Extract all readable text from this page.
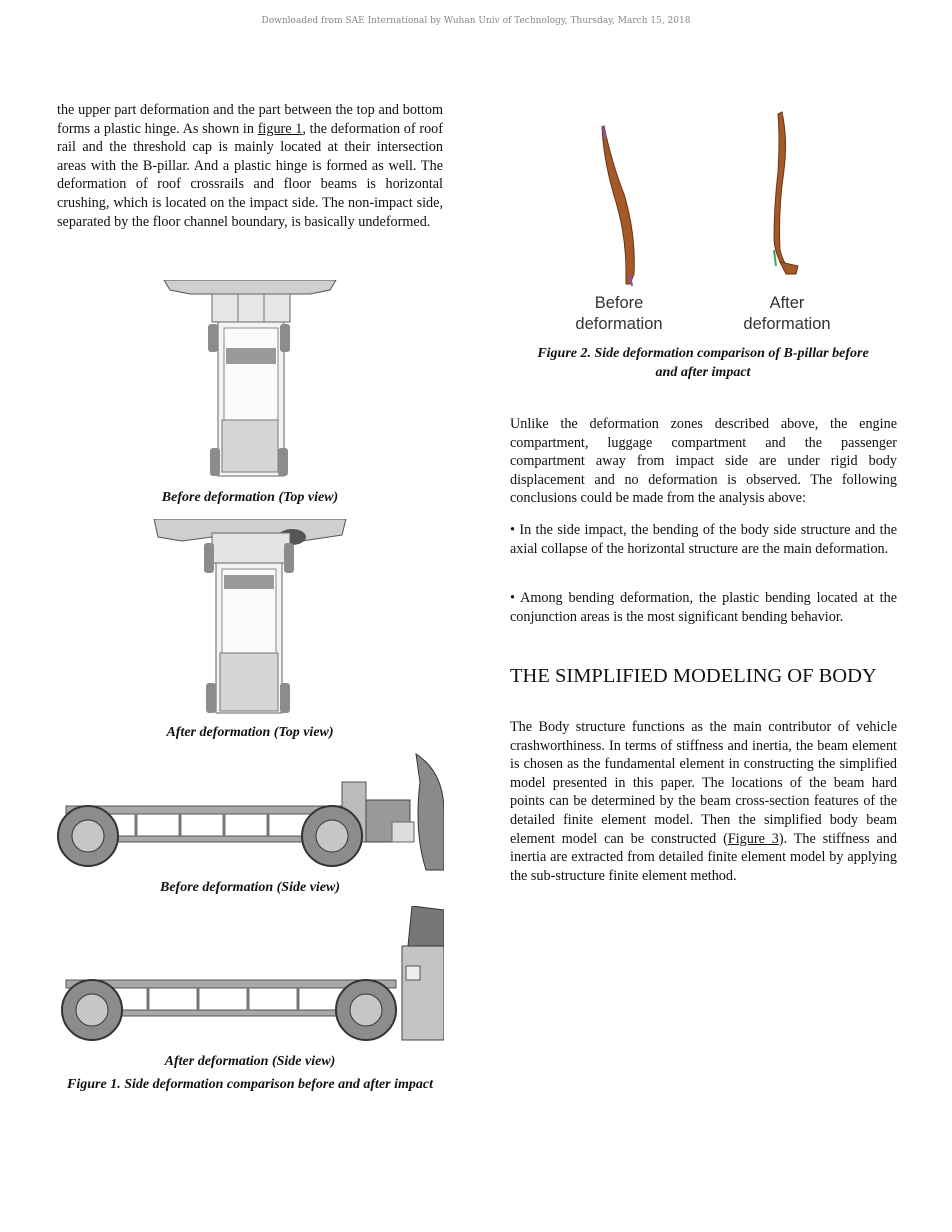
Downloaded from SAE International by Wuhan Univ of Technology, Thursday, March 15, 2018
the upper part deformation and the part between the top and bottom forms a plastic hinge. As shown in figure 1, the deformation of roof rail and the threshold cap is mainly located at their intersection areas with the B-pillar. And a plastic hinge is formed as well. The deformation of roof crossrails and floor beams is horizontal crushing, which is located on the impact side. The non-impact side, separated by the floor channel boundary, is basically undeformed.
Before deformation (Top view)
After deformation (Top view)
Before deformation (Side view)
After deformation (Side view)
Figure 1. Side deformation comparison before and after impact
Before deformation
After deformation
Figure 2. Side deformation comparison of B-pillar before and after impact
Unlike the deformation zones described above, the engine compartment, luggage compartment and the passenger compartment away from impact side are under rigid body displacement and no deformation is observed. The following conclusions could be made from the analysis above:
• In the side impact, the bending of the body side structure and the axial collapse of the horizontal structure are the main deformation.
• Among bending deformation, the plastic bending located at the conjunction areas is the most significant bending behavior.
THE SIMPLIFIED MODELING OF BODY
The Body structure functions as the main contributor of vehicle crashworthiness. In terms of stiffness and inertia, the beam element is chosen as the fundamental element in constructing the simplified model presented in this paper. The locations of the beam hard points can be determined by the beam cross-section features of the detailed finite element model. Then the simplified body beam element model can be constructed (Figure 3). The stiffness and inertia are extracted from detailed finite element model by applying the sub-structure finite element method.
